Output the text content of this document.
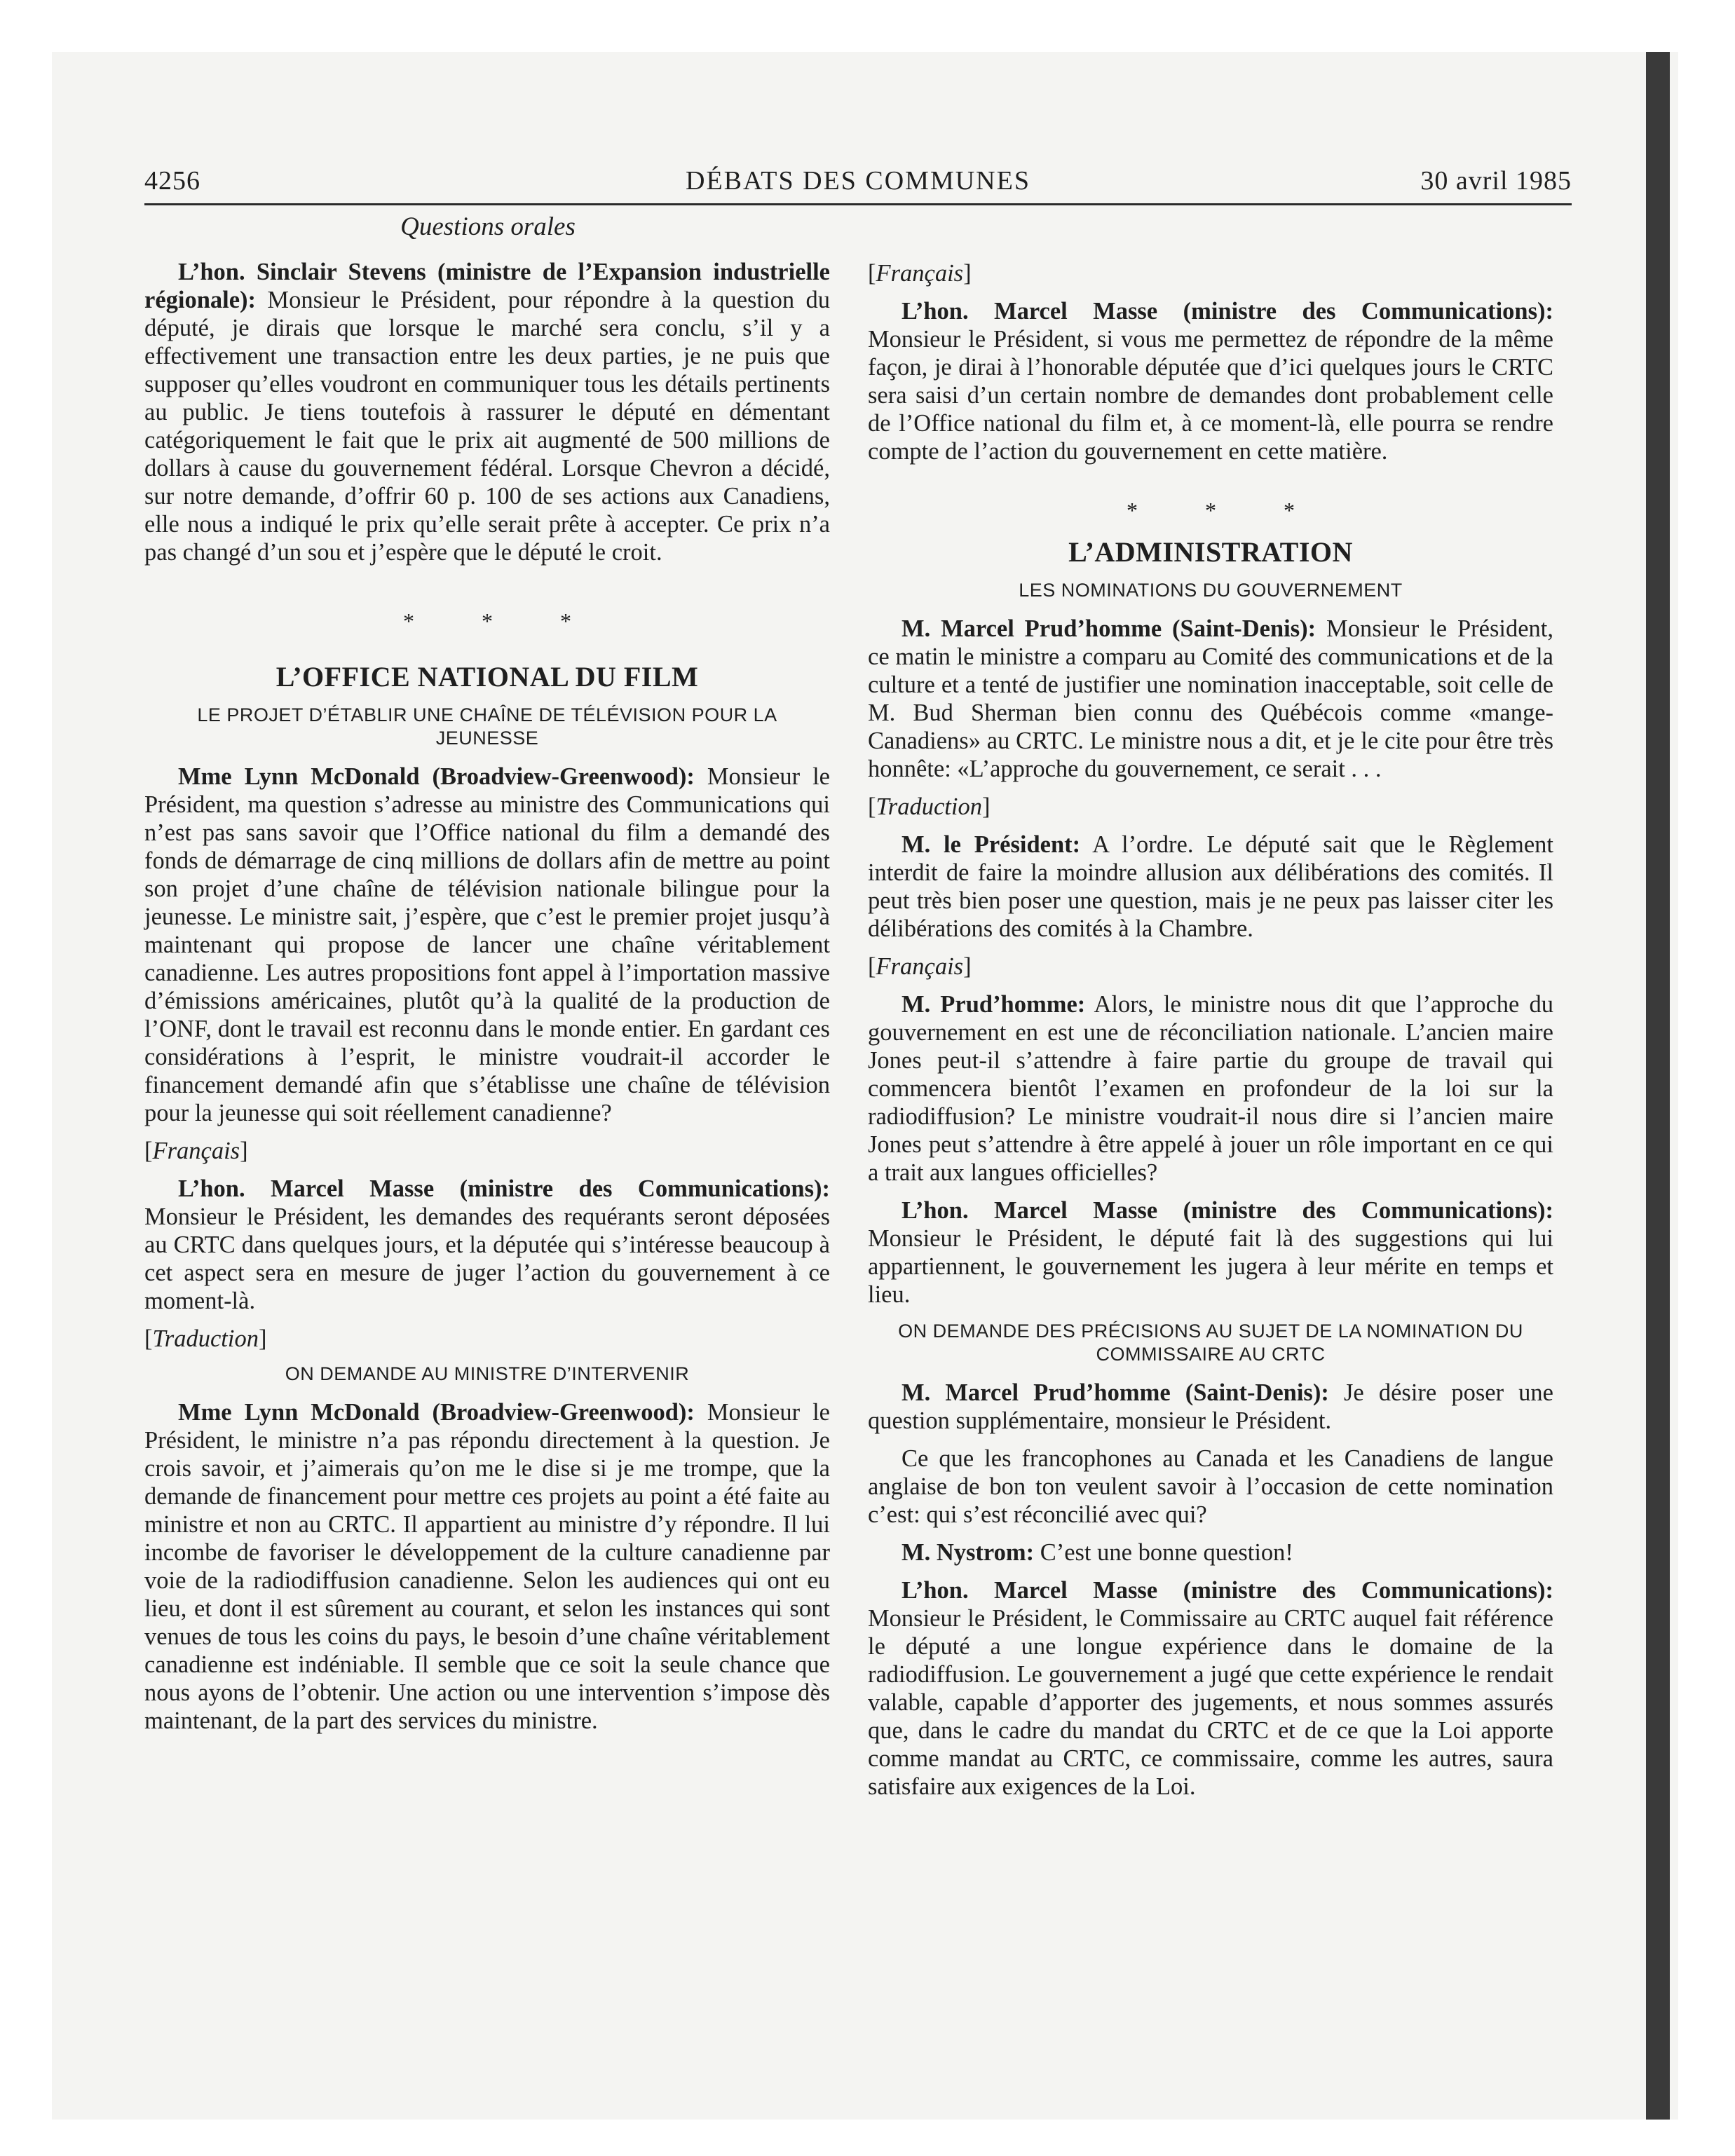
4256	DÉBATS DES COMMUNES	30 avril 1985
Questions orales

L’hon. Sinclair Stevens (ministre de l’Expansion industrielle régionale): Monsieur le Président, pour répondre à la question du député, je dirais que lorsque le marché sera conclu, s’il y a effectivement une transaction entre les deux parties, je ne puis que supposer qu’elles voudront en communiquer tous les détails pertinents au public. Je tiens toutefois à rassurer le député en démentant catégoriquement le fait que le prix ait augmenté de 500 millions de dollars à cause du gouvernement fédéral. Lorsque Chevron a décidé, sur notre demande, d’offrir 60 p. 100 de ses actions aux Canadiens, elle nous a indiqué le prix qu’elle serait prête à accepter. Ce prix n’a pas changé d’un sou et j’espère que le député le croit.

* * *
L’OFFICE NATIONAL DU FILM
LE PROJET D’ÉTABLIR UNE CHAÎNE DE TÉLÉVISION POUR LA JEUNESSE

Mme Lynn McDonald (Broadview-Greenwood): Monsieur le Président, ma question s’adresse au ministre des Communications qui n’est pas sans savoir que l’Office national du film a demandé des fonds de démarrage de cinq millions de dollars afin de mettre au point son projet d’une chaîne de télévision nationale bilingue pour la jeunesse. Le ministre sait, j’espère, que c’est le premier projet jusqu’à maintenant qui propose de lancer une chaîne véritablement canadienne. Les autres propositions font appel à l’importation massive d’émissions américaines, plutôt qu’à la qualité de la production de l’ONF, dont le travail est reconnu dans le monde entier. En gardant ces considérations à l’esprit, le ministre voudrait-il accorder le financement demandé afin que s’établisse une chaîne de télévision pour la jeunesse qui soit réellement canadienne?

[ Français ]

L’hon. Marcel Masse (ministre des Communications): Monsieur le Président, les demandes des requérants seront déposées au CRTC dans quelques jours, et la députée qui s’intéresse beaucoup à cet aspect sera en mesure de juger l’action du gouvernement à ce moment-là.

[ Traduction ]

ON DEMANDE AU MINISTRE D’INTERVENIR

Mme Lynn McDonald (Broadview-Greenwood): Monsieur le Président, le ministre n’a pas répondu directement à la question. Je crois savoir, et j’aimerais qu’on me le dise si je me trompe, que la demande de financement pour mettre ces projets au point a été faite au ministre et non au CRTC. Il appartient au ministre d’y répondre. Il lui incombe de favoriser le développement de la culture canadienne par voie de la radiodiffusion canadienne. Selon les audiences qui ont eu lieu, et dont il est sûrement au courant, et selon les instances qui sont venues de tous les coins du pays, le besoin d’une chaîne véritablement canadienne est indéniable. Il semble que ce soit la seule chance que nous ayons de l’obtenir. Une action ou une intervention s’impose dès maintenant, de la part des services du ministre.

[ Français ]

L’hon. Marcel Masse (ministre des Communications): Monsieur le Président, si vous me permettez de répondre de la même façon, je dirai à l’honorable députée que d’ici quelques jours le CRTC sera saisi d’un certain nombre de demandes dont probablement celle de l’Office national du film et, à ce moment-là, elle pourra se rendre compte de l’action du gouvernement en cette matière.

* * *
L’ADMINISTRATION
LES NOMINATIONS DU GOUVERNEMENT

M. Marcel Prud’homme (Saint-Denis): Monsieur le Président, ce matin le ministre a comparu au Comité des communications et de la culture et a tenté de justifier une nomination inacceptable, soit celle de M. Bud Sherman bien connu des Québécois comme «mange-Canadiens» au CRTC. Le ministre nous a dit, et je le cite pour être très honnête: «L’approche du gouvernement, ce serait . . .

[ Traduction ]

M. le Président: A l’ordre. Le député sait que le Règlement interdit de faire la moindre allusion aux délibérations des comités. Il peut très bien poser une question, mais je ne peux pas laisser citer les délibérations des comités à la Chambre.

[ Français ]

M. Prud’homme: Alors, le ministre nous dit que l’approche du gouvernement en est une de réconciliation nationale. L’ancien maire Jones peut-il s’attendre à faire partie du groupe de travail qui commencera bientôt l’examen en profondeur de la loi sur la radiodiffusion? Le ministre voudrait-il nous dire si l’ancien maire Jones peut s’attendre à être appelé à jouer un rôle important en ce qui a trait aux langues officielles?

L’hon. Marcel Masse (ministre des Communications): Monsieur le Président, le député fait là des suggestions qui lui appartiennent, le gouvernement les jugera à leur mérite en temps et lieu.

ON DEMANDE DES PRÉCISIONS AU SUJET DE LA NOMINATION DU COMMISSAIRE AU CRTC

M. Marcel Prud’homme (Saint-Denis): Je désire poser une question supplémentaire, monsieur le Président.

Ce que les francophones au Canada et les Canadiens de langue anglaise de bon ton veulent savoir à l’occasion de cette nomination c’est: qui s’est réconcilié avec qui?

M. Nystrom: C’est une bonne question!

L’hon. Marcel Masse (ministre des Communications): Monsieur le Président, le Commissaire au CRTC auquel fait référence le député a une longue expérience dans le domaine de la radiodiffusion. Le gouvernement a jugé que cette expérience le rendait valable, capable d’apporter des jugements, et nous sommes assurés que, dans le cadre du mandat du CRTC et de ce que la Loi apporte comme mandat au CRTC, ce commissaire, comme les autres, saura satisfaire aux exigences de la Loi.
